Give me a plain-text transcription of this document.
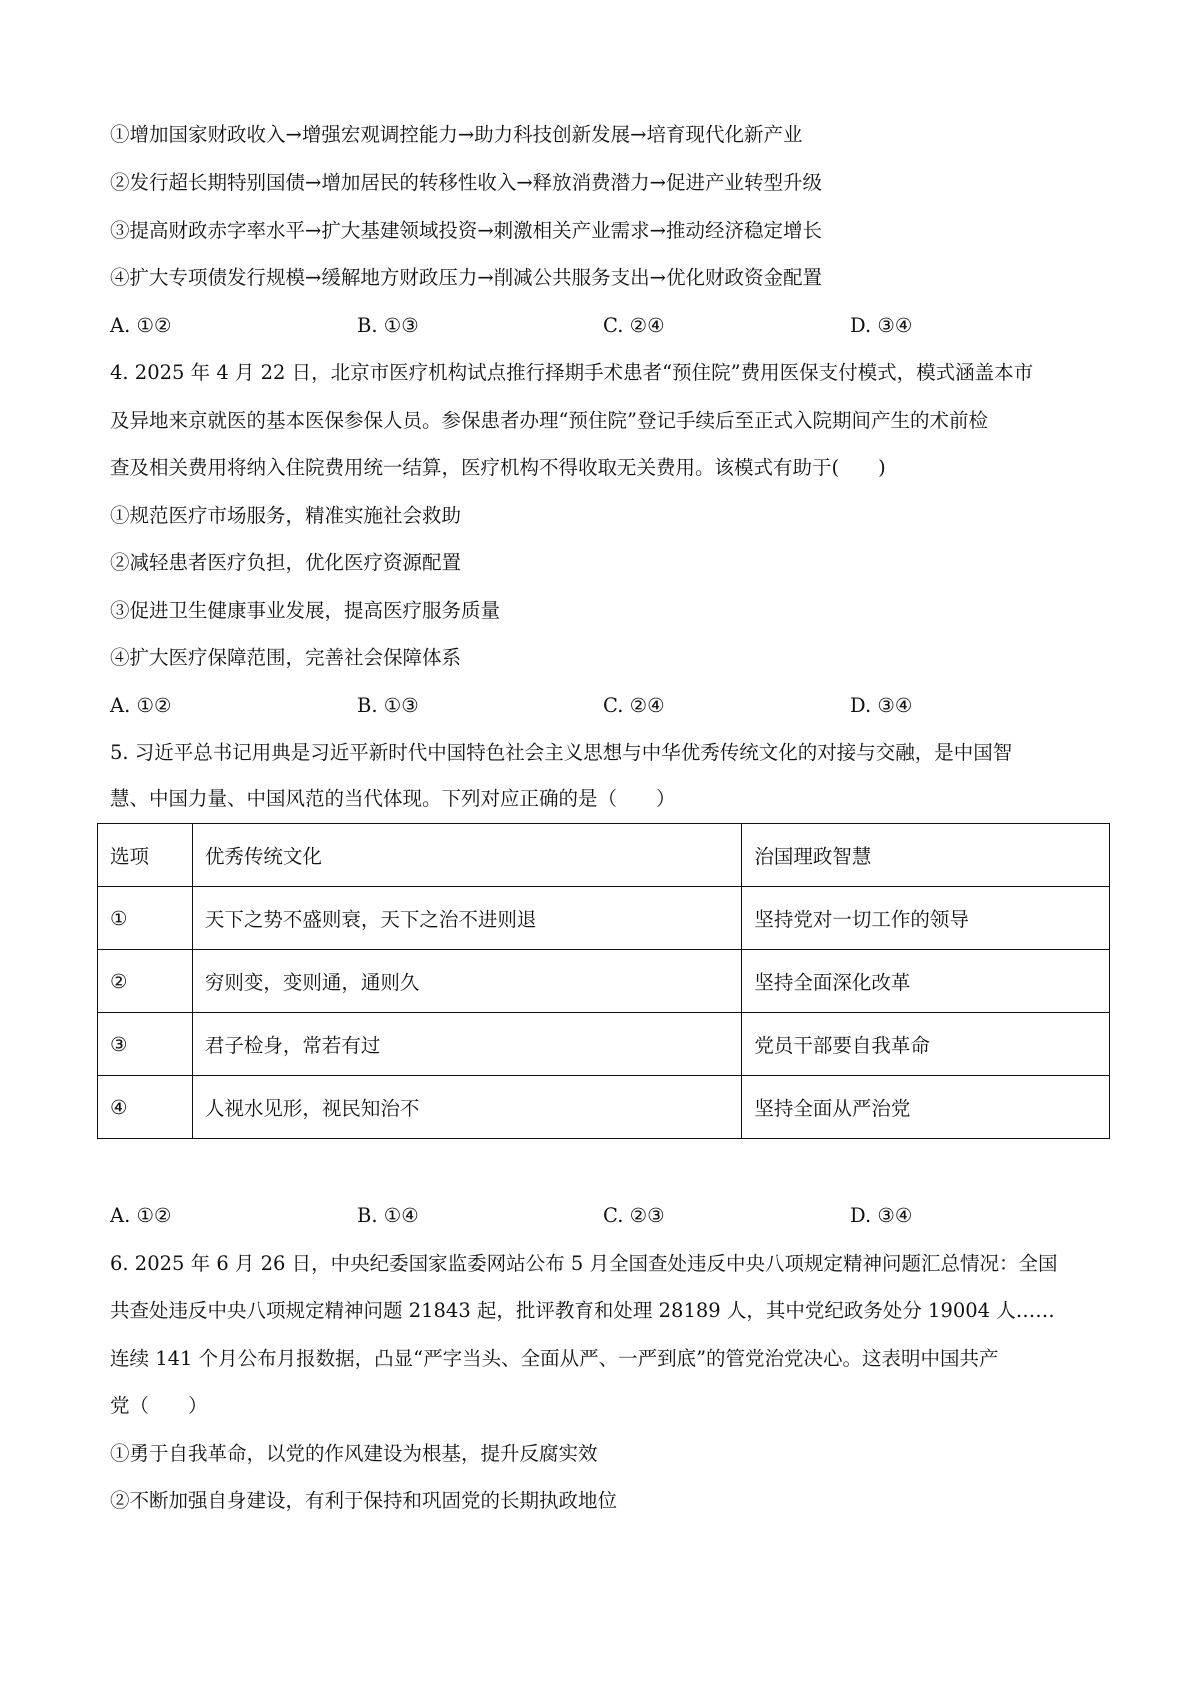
①增加国家财政收入→增强宏观调控能力→助力科技创新发展→培育现代化新产业
②发行超长期特别国债→增加居民的转移性收入→释放消费潜力→促进产业转型升级
③提高财政赤字率水平→扩大基建领域投资→刺激相关产业需求→推动经济稳定增长
④扩大专项债发行规模→缓解地方财政压力→削减公共服务支出→优化财政资金配置
A. ①②	B. ①③	C. ②④	D. ③④
4. 2025 年 4 月 22 日，北京市医疗机构试点推行择期手术患者“预住院”费用医保支付模式，模式涵盖本市
及异地来京就医的基本医保参保人员。参保患者办理“预住院”登记手续后至正式入院期间产生的术前检
查及相关费用将纳入住院费用统一结算，医疗机构不得收取无关费用。该模式有助于(　　)
①规范医疗市场服务，精准实施社会救助
②减轻患者医疗负担，优化医疗资源配置
③促进卫生健康事业发展，提高医疗服务质量
④扩大医疗保障范围，完善社会保障体系
A. ①②	B. ①③	C. ②④	D. ③④
5. 习近平总书记用典是习近平新时代中国特色社会主义思想与中华优秀传统文化的对接与交融，是中国智
慧、中国力量、中国风范的当代体现。下列对应正确的是（　　）
选项	优秀传统文化	治国理政智慧
①	天下之势不盛则衰，天下之治不进则退	坚持党对一切工作的领导
②	穷则变，变则通，通则久	坚持全面深化改革
③	君子检身，常若有过	党员干部要自我革命
④	人视水见形，视民知治不	坚持全面从严治党
A. ①②	B. ①④	C. ②③	D. ③④
6. 2025 年 6 月 26 日，中央纪委国家监委网站公布 5 月全国查处违反中央八项规定精神问题汇总情况：全国
共查处违反中央八项规定精神问题 21843 起，批评教育和处理 28189 人，其中党纪政务处分 19004 人……
连续 141 个月公布月报数据，凸显“严字当头、全面从严、一严到底”的管党治党决心。这表明中国共产
党（　　）
①勇于自我革命，以党的作风建设为根基，提升反腐实效
②不断加强自身建设，有利于保持和巩固党的长期执政地位
